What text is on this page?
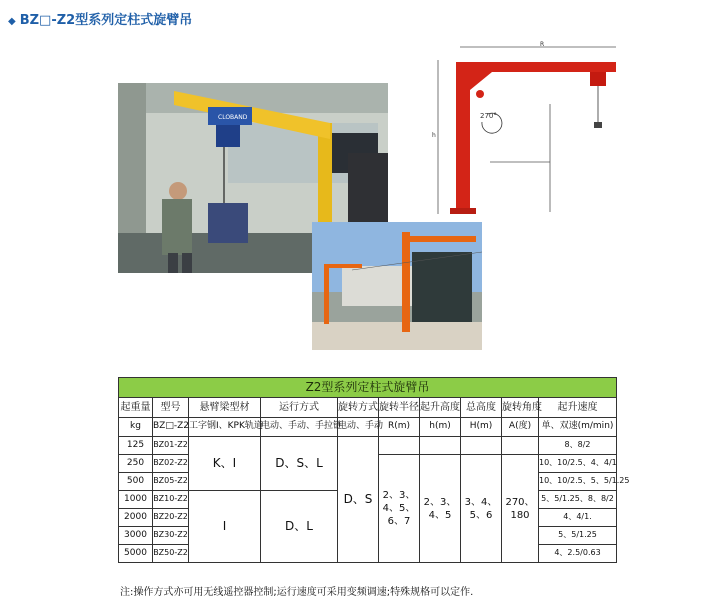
◆ BZ□-Z2型系列定柱式旋臂吊
CLOBAND
R
h
270°
Z2型系列定柱式旋臂吊									
起重量	型号	悬臂梁型材	运行方式	旋转方式	旋转半径	起升高度	总高度	旋转角度	起升速度
kg	BZ□-Z2	工字钢I、KPK轨道	电动、手动、手拉链	电动、手动	R(m)	h(m)	H(m)	A(度)	单、双速(m/min)
125	BZ01-Z2	K、I	D、S、L	D、S					8、8/2
250	BZ02-Z2				2、3、4、5、6、7	2、3、4、5	3、4、5、6	270、180	10、10/2.5、4、4/1
500	BZ05-Z2								10、10/2.5、5、5/1.25
1000	BZ10-Z2	I	D、L						5、5/1.25、8、8/2
2000	BZ20-Z2								4、4/1.
3000	BZ30-Z2								5、5/1.25
5000	BZ50-Z2								4、2.5/0.63
注:操作方式亦可用无线遥控器控制;运行速度可采用变频调速;特殊规格可以定作.
